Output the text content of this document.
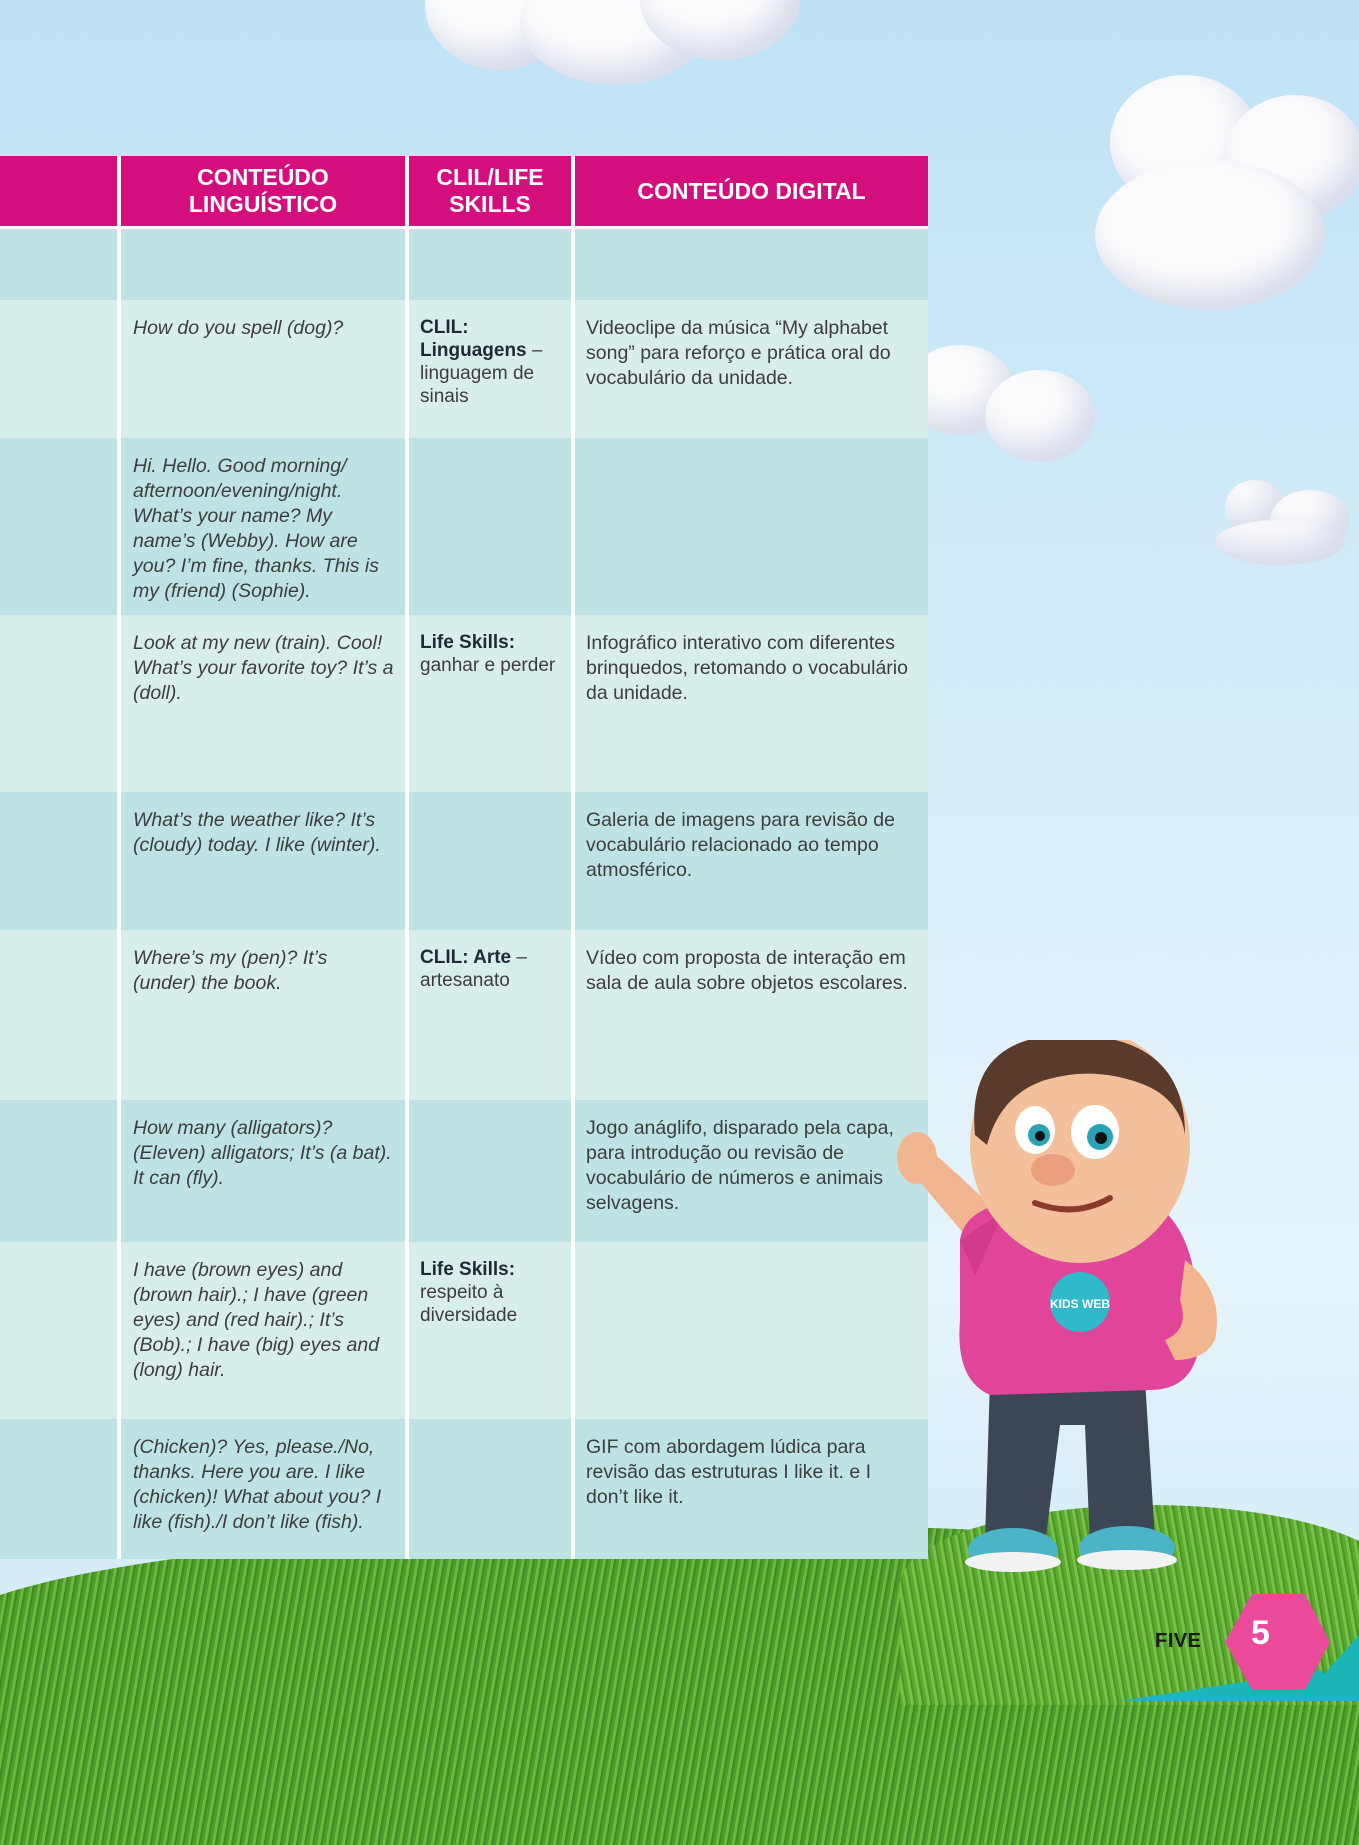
	CONTEÚDO LINGUÍSTICO	CLIL/LIFE SKILLS	CONTEÚDO DIGITAL

	How do you spell (dog)?	CLIL: Linguagens – linguagem de sinais	Videoclipe da música “My alphabet song” para reforço e prática oral do vocabulário da unidade.
	Hi. Hello. Good morning/ afternoon/evening/night. What’s your name? My name’s (Webby). How are you? I’m fine, thanks. This is my (friend) (Sophie).		
	Look at my new (train). Cool! What’s your favorite toy? It’s a (doll).	Life Skills: ganhar e perder	Infográfico interativo com diferentes brinquedos, retomando o vocabulário da unidade.
	What’s the weather like? It’s (cloudy) today. I like (winter).		Galeria de imagens para revisão de vocabulário relacionado ao tempo atmosférico.
	Where’s my (pen)? It’s (under) the book.	CLIL: Arte – artesanato	Vídeo com proposta de interação em sala de aula sobre objetos escolares.
	How many (alligators)? (Eleven) alligators; It’s (a bat). It can (fly).		Jogo anáglifo, disparado pela capa, para introdução ou revisão de vocabulário de números e animais selvagens.
	I have (brown eyes) and (brown hair).; I have (green eyes) and (red hair).; It’s (Bob).; I have (big) eyes and (long) hair.	Life Skills: respeito à diversidade	
	(Chicken)? Yes, please./No, thanks. Here you are. I like (chicken)! What about you? I like (fish)./I don’t like (fish).		GIF com abordagem lúdica para revisão das estruturas I like it. e I don’t like it.
KIDS WEB
FIVE 5
